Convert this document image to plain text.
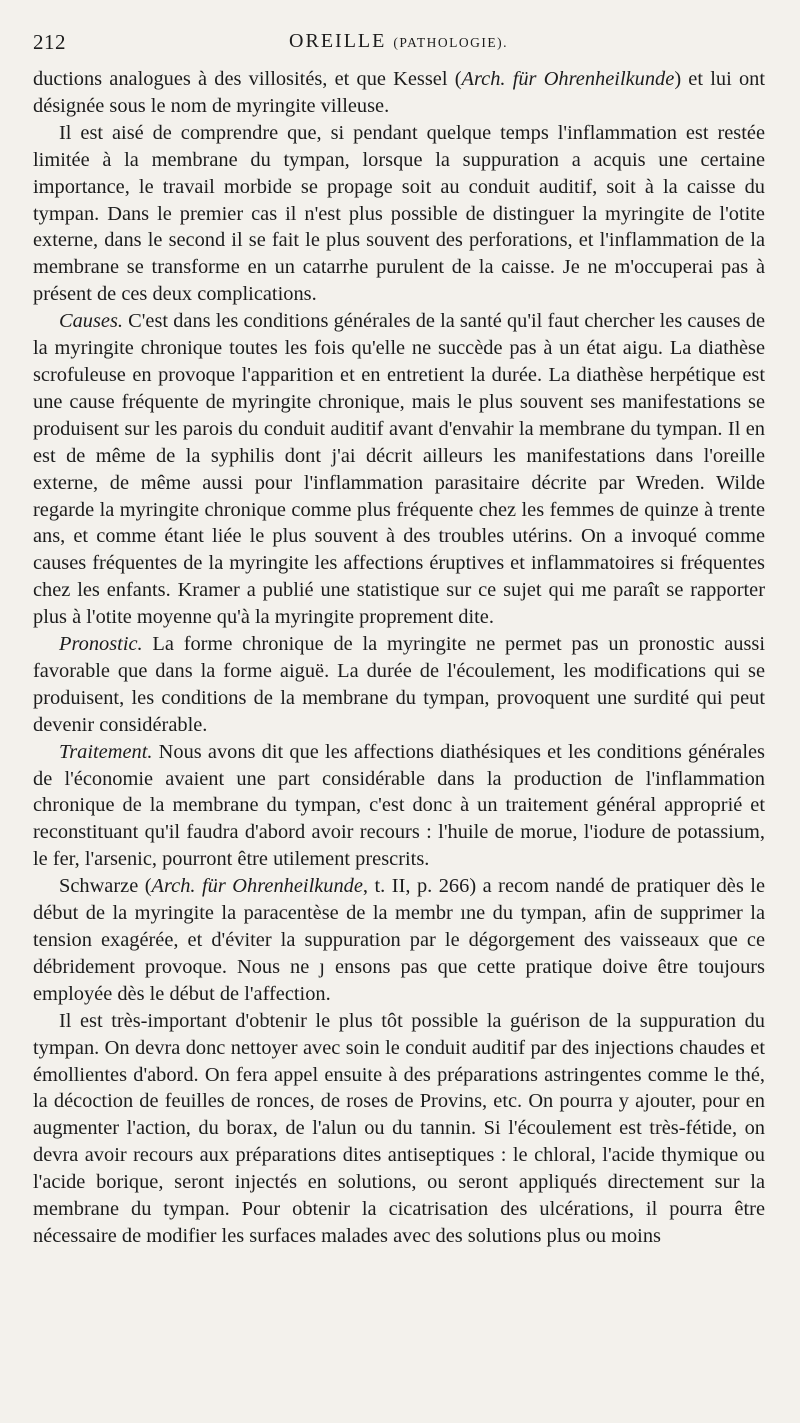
212	OREILLE (PATHOLOGIE).

ductions analogues à des villosités, et que Kessel (Arch. für Ohrenheilkunde) et lui ont désignée sous le nom de myringite villeuse.

Il est aisé de comprendre que, si pendant quelque temps l'inflammation est restée limitée à la membrane du tympan, lorsque la suppuration a acquis une certaine importance, le travail morbide se propage soit au conduit auditif, soit à la caisse du tympan. Dans le premier cas il n'est plus possible de distinguer la myringite de l'otite externe, dans le second il se fait le plus souvent des perforations, et l'inflammation de la membrane se transforme en un catarrhe purulent de la caisse. Je ne m'occuperai pas à présent de ces deux complications.

Causes. C'est dans les conditions générales de la santé qu'il faut chercher les causes de la myringite chronique toutes les fois qu'elle ne succède pas à un état aigu. La diathèse scrofuleuse en provoque l'apparition et en entretient la durée. La diathèse herpétique est une cause fréquente de myringite chronique, mais le plus souvent ses manifestations se produisent sur les parois du conduit auditif avant d'envahir la membrane du tympan. Il en est de même de la syphilis dont j'ai décrit ailleurs les manifestations dans l'oreille externe, de même aussi pour l'inflammation parasitaire décrite par Wreden. Wilde regarde la myringite chronique comme plus fréquente chez les femmes de quinze à trente ans, et comme étant liée le plus souvent à des troubles utérins. On a invoqué comme causes fréquentes de la myringite les affections éruptives et inflammatoires si fréquentes chez les enfants. Kramer a publié une statistique sur ce sujet qui me paraît se rapporter plus à l'otite moyenne qu'à la myringite proprement dite.

Pronostic. La forme chronique de la myringite ne permet pas un pronostic aussi favorable que dans la forme aiguë. La durée de l'écoulement, les modifications qui se produisent, les conditions de la membrane du tympan, provoquent une surdité qui peut devenir considérable.

Traitement. Nous avons dit que les affections diathésiques et les conditions générales de l'économie avaient une part considérable dans la production de l'inflammation chronique de la membrane du tympan, c'est donc à un traitement général approprié et reconstituant qu'il faudra d'abord avoir recours : l'huile de morue, l'iodure de potassium, le fer, l'arsenic, pourront être utilement prescrits.

Schwarze (Arch. für Ohrenheilkunde, t. II, p. 266) a recom nandé de pratiquer dès le début de la myringite la paracentèse de la membr ıne du tympan, afin de supprimer la tension exagérée, et d'éviter la suppuration par le dégorgement des vaisseaux que ce débridement provoque. Nous ne ȷ ensons pas que cette pratique doive être toujours employée dès le début de l'affection.

Il est très-important d'obtenir le plus tôt possible la guérison de la suppuration du tympan. On devra donc nettoyer avec soin le conduit auditif par des injections chaudes et émollientes d'abord. On fera appel ensuite à des préparations astringentes comme le thé, la décoction de feuilles de ronces, de roses de Provins, etc. On pourra y ajouter, pour en augmenter l'action, du borax, de l'alun ou du tannin. Si l'écoulement est très-fétide, on devra avoir recours aux préparations dites antiseptiques : le chloral, l'acide thymique ou l'acide borique, seront injectés en solutions, ou seront appliqués directement sur la membrane du tympan. Pour obtenir la cicatrisation des ulcérations, il pourra être nécessaire de modifier les surfaces malades avec des solutions plus ou moins
